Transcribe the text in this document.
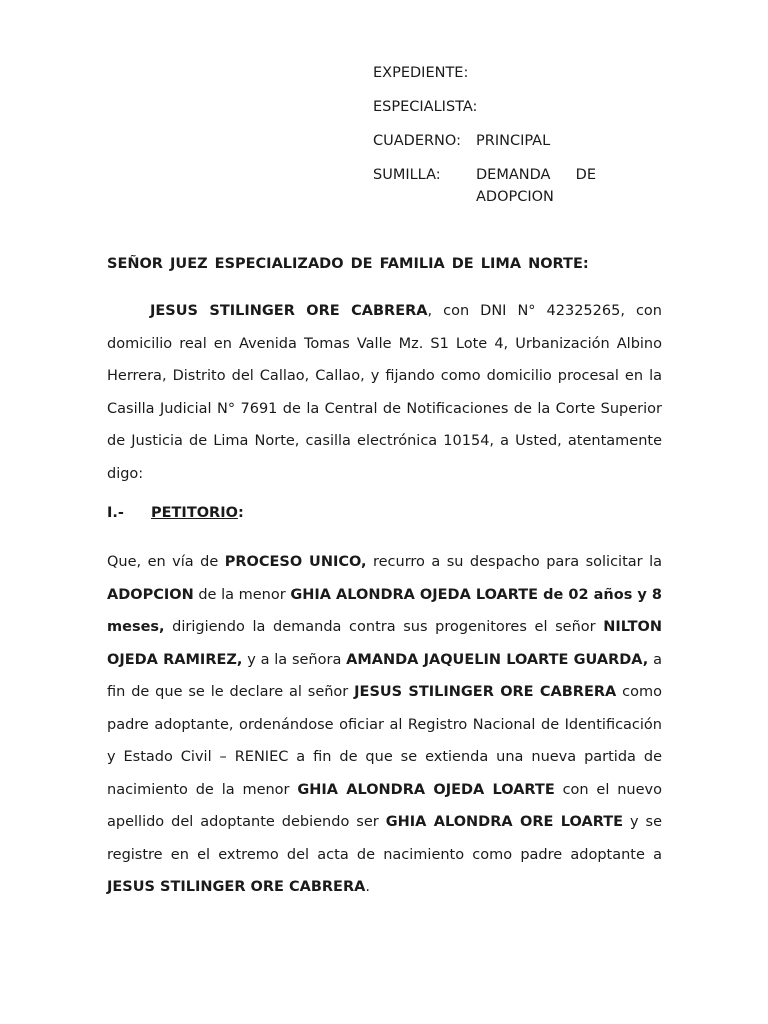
EXPEDIENTE:
ESPECIALISTA:
CUADERNO:	PRINCIPAL
SUMILLA:	DEMANDA DE ADOPCION
SEÑOR JUEZ ESPECIALIZADO DE FAMILIA DE LIMA NORTE:

JESUS STILINGER ORE CABRERA, con DNI N° 42325265, con domicilio real en Avenida Tomas Valle Mz. S1 Lote 4, Urbanización Albino Herrera, Distrito del Callao, Callao, y fijando como domicilio procesal en la Casilla Judicial N° 7691 de la Central de Notificaciones de la Corte Superior de Justicia de Lima Norte, casilla electrónica 10154, a Usted, atentamente digo:

I.- PETITORIO:

Que, en vía de PROCESO UNICO, recurro a su despacho para solicitar la ADOPCION de la menor GHIA ALONDRA OJEDA LOARTE de 02 años y 8 meses, dirigiendo la demanda contra sus progenitores el señor NILTON OJEDA RAMIREZ, y a la señora AMANDA JAQUELIN LOARTE GUARDA, a fin de que se le declare al señor JESUS STILINGER ORE CABRERA como padre adoptante, ordenándose oficiar al Registro Nacional de Identificación y Estado Civil – RENIEC a fin de que se extienda una nueva partida de nacimiento de la menor GHIA ALONDRA OJEDA LOARTE con el nuevo apellido del adoptante debiendo ser GHIA ALONDRA ORE LOARTE y se registre en el extremo del acta de nacimiento como padre adoptante a JESUS STILINGER ORE CABRERA.
